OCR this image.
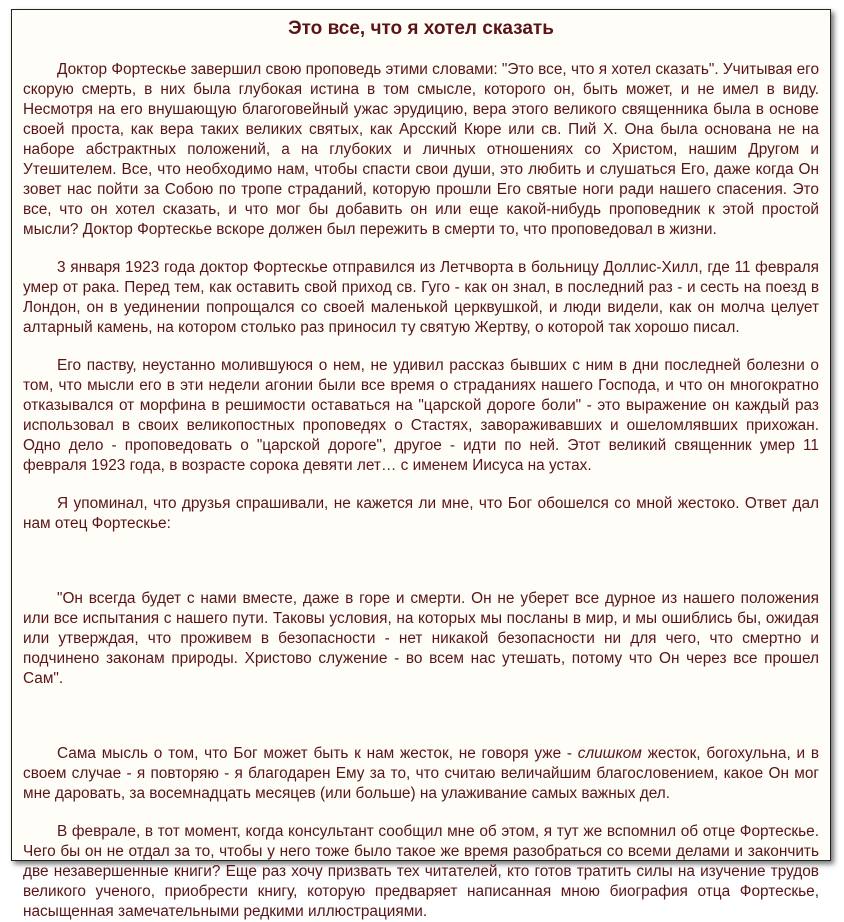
Это все, что я хотел сказать

Доктор Фортескье завершил свою проповедь этими словами: "Это все, что я хотел сказать". Учитывая его скорую смерть, в них была глубокая истина в том смысле, которого он, быть может, и не имел в виду. Несмотря на его внушающую благоговейный ужас эрудицию, вера этого великого священника была в основе своей проста, как вера таких великих святых, как Арсский Кюре или св. Пий X. Она была основана не на наборе абстрактных положений, а на глубоких и личных отношениях со Христом, нашим Другом и Утешителем. Все, что необходимо нам, чтобы спасти свои души, это любить и слушаться Его, даже когда Он зовет нас пойти за Собою по тропе страданий, которую прошли Его святые ноги ради нашего спасения. Это все, что он хотел сказать, и что мог бы добавить он или еще какой-нибудь проповедник к этой простой мысли? Доктор Фортескье вскоре должен был пережить в смерти то, что проповедовал в жизни.

3 января 1923 года доктор Фортескье отправился из Летчворта в больницу Доллис-Хилл, где 11 февраля умер от рака. Перед тем, как оставить свой приход св. Гуго - как он знал, в последний раз - и сесть на поезд в Лондон, он в уединении попрощался со своей маленькой церквушкой, и люди видели, как он молча целует алтарный камень, на котором столько раз приносил ту святую Жертву, о которой так хорошо писал.

Его паству, неустанно молившуюся о нем, не удивил рассказ бывших с ним в дни последней болезни о том, что мысли его в эти недели агонии были все время о страданиях нашего Господа, и что он многократно отказывался от морфина в решимости оставаться на "царской дороге боли" - это выражение он каждый раз использовал в своих великопостных проповедях о Стастях, завораживавших и ошеломлявших прихожан. Одно дело - проповедовать о "царской дороге", другое - идти по ней. Этот великий священник умер 11 февраля 1923 года, в возрасте сорока девяти лет… с именем Иисуса на устах.

Я упоминал, что друзья спрашивали, не кажется ли мне, что Бог обошелся со мной жестоко. Ответ дал нам отец Фортескье:

"Он всегда будет с нами вместе, даже в горе и смерти. Он не уберет все дурное из нашего положения или все испытания с нашего пути. Таковы условия, на которых мы посланы в мир, и мы ошиблись бы, ожидая или утверждая, что проживем в безопасности - нет никакой безопасности ни для чего, что смертно и подчинено законам природы. Христово служение - во всем нас утешать, потому что Он через все прошел Сам".

Сама мысль о том, что Бог может быть к нам жесток, не говоря уже - слишком жесток, богохульна, и в своем случае - я повторяю - я благодарен Ему за то, что считаю величайшим благословением, какое Он мог мне даровать, за восемнадцать месяцев (или больше) на улаживание самых важных дел.

В феврале, в тот момент, когда консультант сообщил мне об этом, я тут же вспомнил об отце Фортескье. Чего бы он не отдал за то, чтобы у него тоже было такое же время разобраться со всеми делами и закончить две незавершенные книги? Еще раз хочу призвать тех читателей, кто готов тратить силы на изучение трудов великого ученого, приобрести книгу, которую предваряет написанная мною биография отца Фортескье, насыщенная замечательными редкими иллюстрациями.
